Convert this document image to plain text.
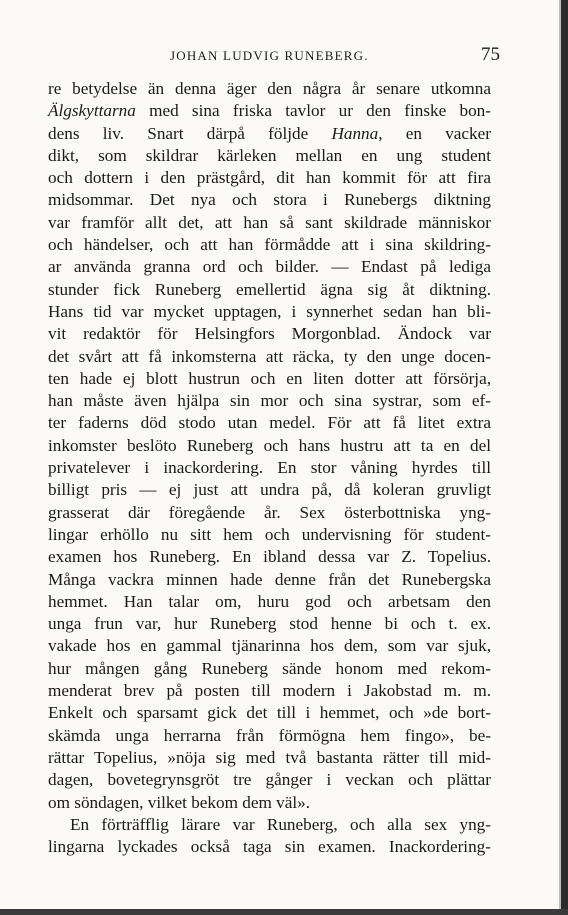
JOHAN LUDVIG RUNEBERG.	75
re betydelse än denna äger den några år senare utkomna
Älgskyttarna med sina friska tavlor ur den finske bon-
dens liv. Snart därpå följde Hanna, en vacker
dikt, som skildrar kärleken mellan en ung student
och dottern i den prästgård, dit han kommit för att fira
midsommar. Det nya och stora i Runebergs diktning
var framför allt det, att han så sant skildrade människor
och händelser, och att han förmådde att i sina skildring-
ar använda granna ord och bilder. — Endast på lediga
stunder fick Runeberg emellertid ägna sig åt diktning.
Hans tid var mycket upptagen, i synnerhet sedan han bli-
vit redaktör för Helsingfors Morgonblad. Ändock var
det svårt att få inkomsterna att räcka, ty den unge docen-
ten hade ej blott hustrun och en liten dotter att försörja,
han måste även hjälpa sin mor och sina systrar, som ef-
ter faderns död stodo utan medel. För att få litet extra
inkomster beslöto Runeberg och hans hustru att ta en del
privatelever i inackordering. En stor våning hyrdes till
billigt pris — ej just att undra på, då koleran gruvligt
grasserat där föregående år. Sex österbottniska yng-
lingar erhöllo nu sitt hem och undervisning för student-
examen hos Runeberg. En ibland dessa var Z. Topelius.
Många vackra minnen hade denne från det Runebergska
hemmet. Han talar om, huru god och arbetsam den
unga frun var, hur Runeberg stod henne bi och t. ex.
vakade hos en gammal tjänarinna hos dem, som var sjuk,
hur mången gång Runeberg sände honom med rekom-
menderat brev på posten till modern i Jakobstad m. m.
Enkelt och sparsamt gick det till i hemmet, och »de bort-
skämda unga herrarna från förmögna hem fingo», be-
rättar Topelius, »nöja sig med två bastanta rätter till mid-
dagen, bovetegrynsgröt tre gånger i veckan och plättar
om söndagen, vilket bekom dem väl».
En förträfflig lärare var Runeberg, och alla sex yng-
lingarna lyckades också taga sin examen. Inackordering-
